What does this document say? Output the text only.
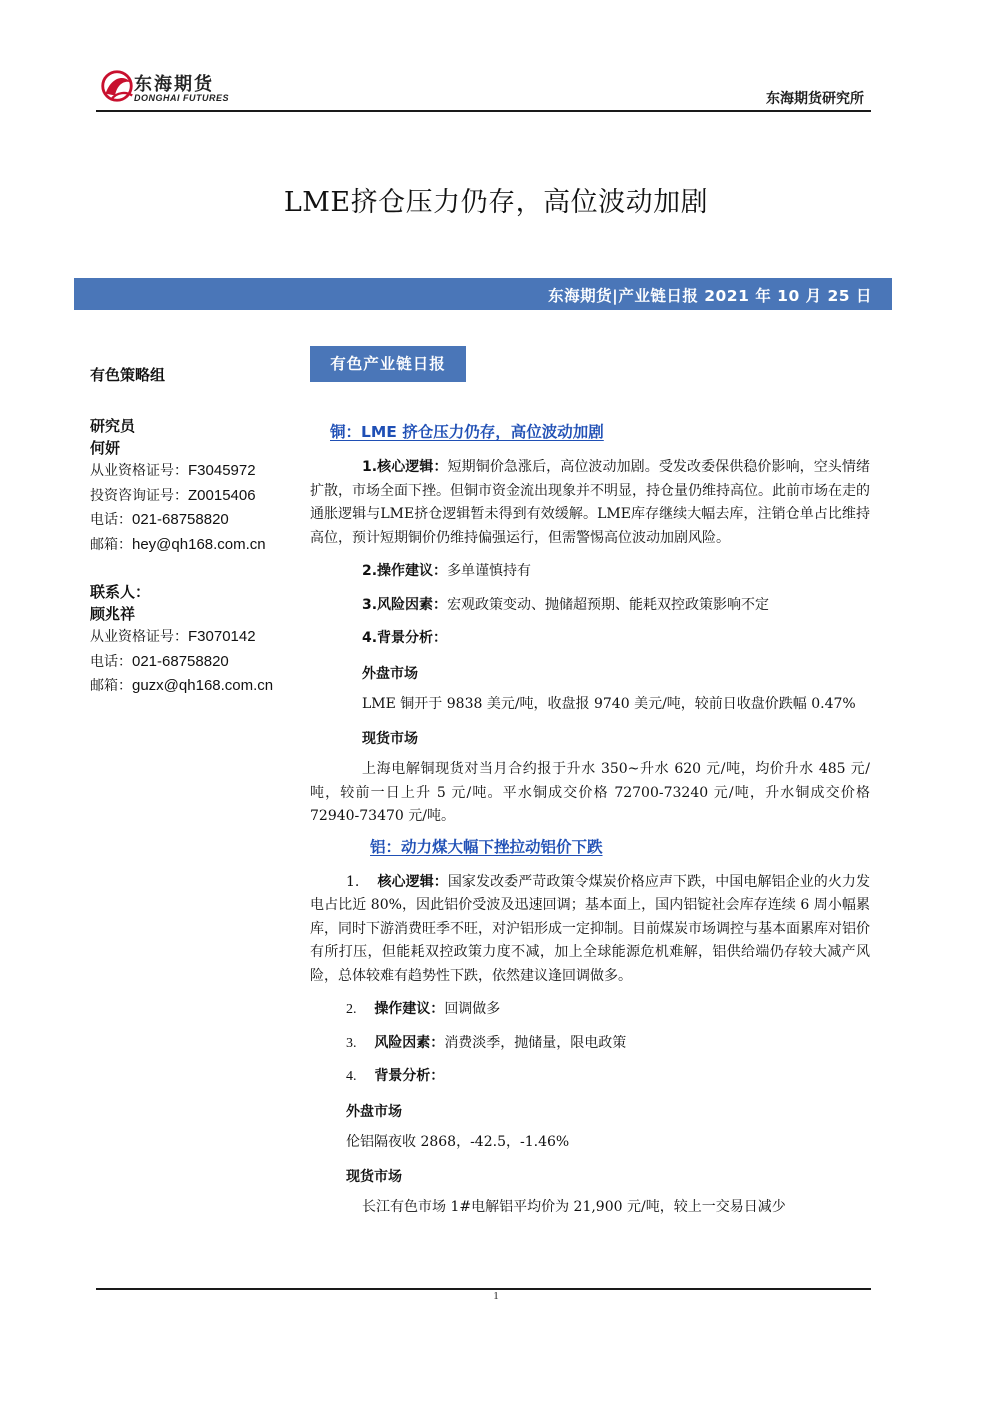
东海期货
DONGHAI FUTURES	东海期货研究所
LME挤仓压力仍存，高位波动加剧
东海期货|产业链日报 2021 年 10 月 25 日
有色策略组
研究员
何妍
从业资格证号：F3045972
投资咨询证号：Z0015406
电话：021-68758820
邮箱：hey@qh168.com.cn
联系人：
顾兆祥
从业资格证号：F3070142
电话：021-68758820
邮箱：guzx@qh168.com.cn
有色产业链日报
铜：LME 挤仓压力仍存，高位波动加剧

1.核心逻辑：短期铜价急涨后，高位波动加剧。受发改委保供稳价影响，空头情绪扩散，市场全面下挫。但铜市资金流出现象并不明显，持仓量仍维持高位。此前市场在走的通胀逻辑与LME挤仓逻辑暂未得到有效缓解。LME库存继续大幅去库，注销仓单占比维持高位，预计短期铜价仍维持偏强运行，但需警惕高位波动加剧风险。

2.操作建议：多单谨慎持有
3.风险因素：宏观政策变动、抛储超预期、能耗双控政策影响不定
4.背景分析：
外盘市场

LME 铜开于 9838 美元/吨，收盘报 9740 美元/吨，较前日收盘价跌幅 0.47%

现货市场

上海电解铜现货对当月合约报于升水 350~升水 620 元/吨，均价升水 485 元/吨，较前一日上升 5 元/吨。平水铜成交价格 72700-73240 元/吨，升水铜成交价格 72940-73470 元/吨。

铝：动力煤大幅下挫拉动铝价下跌

1. 核心逻辑：国家发改委严苛政策令煤炭价格应声下跌，中国电解铝企业的火力发电占比近 80%，因此铝价受波及迅速回调；基本面上，国内铝锭社会库存连续 6 周小幅累库，同时下游消费旺季不旺，对沪铝形成一定抑制。目前煤炭市场调控与基本面累库对铝价有所打压，但能耗双控政策力度不减，加上全球能源危机难解，铝供给端仍存较大减产风险，总体较难有趋势性下跌，依然建议逢回调做多。

2. 操作建议：回调做多
3. 风险因素：消费淡季，抛储量，限电政策
4. 背景分析：
外盘市场

伦铝隔夜收 2868，-42.5，-1.46%

现货市场

长江有色市场 1#电解铝平均价为 21,900 元/吨，较上一交易日减少

1
